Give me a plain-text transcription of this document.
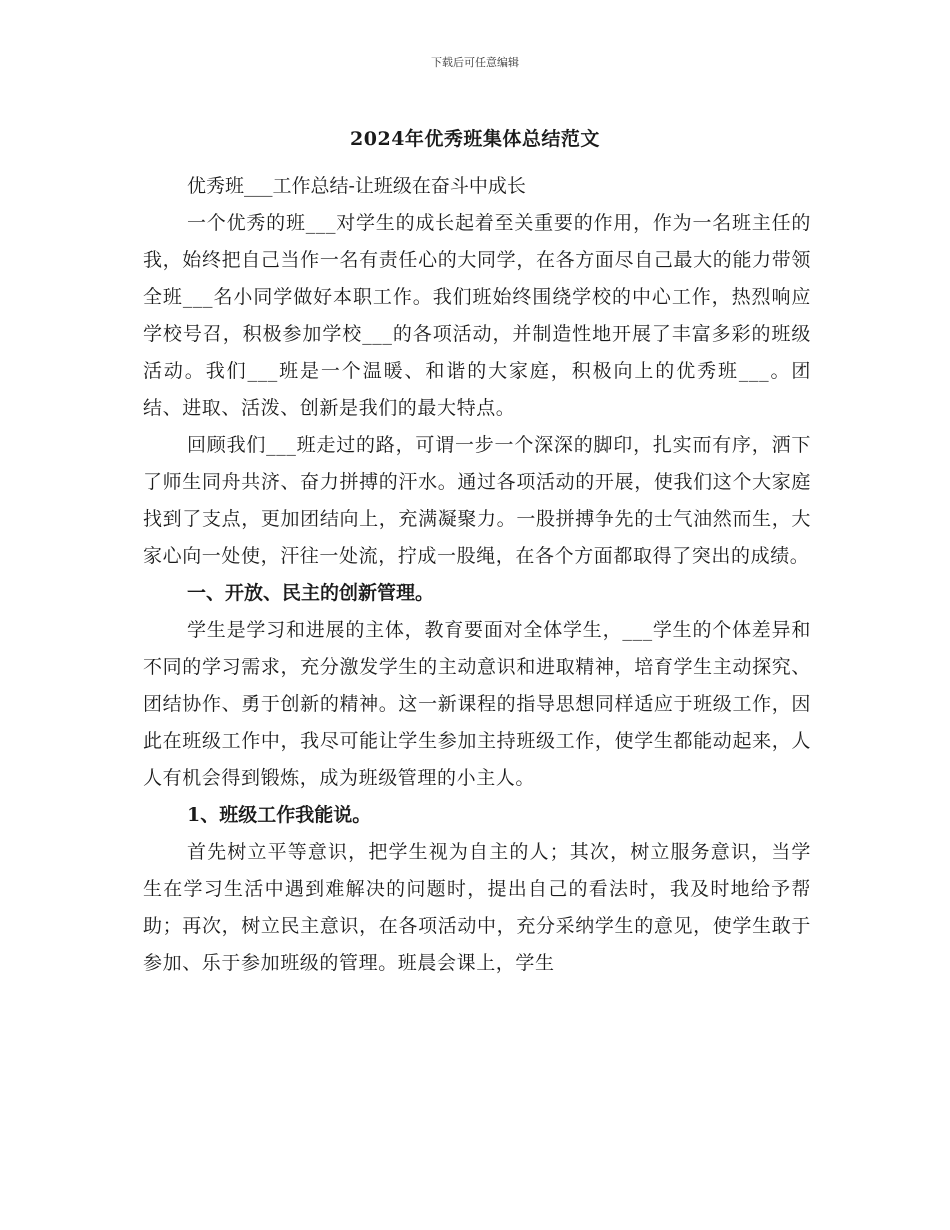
下载后可任意编辑
2024年优秀班集体总结范文

优秀班___工作总结-让班级在奋斗中成长

一个优秀的班___对学生的成长起着至关重要的作用，作为一名班主任的我，始终把自己当作一名有责任心的大同学，在各方面尽自己最大的能力带领全班___名小同学做好本职工作。我们班始终围绕学校的中心工作，热烈响应学校号召，积极参加学校___的各项活动，并制造性地开展了丰富多彩的班级活动。我们___班是一个温暖、和谐的大家庭，积极向上的优秀班___。团结、进取、活泼、创新是我们的最大特点。

回顾我们___班走过的路，可谓一步一个深深的脚印，扎实而有序，洒下了师生同舟共济、奋力拼搏的汗水。通过各项活动的开展，使我们这个大家庭找到了支点，更加团结向上，充满凝聚力。一股拼搏争先的士气油然而生，大家心向一处使，汗往一处流，拧成一股绳，在各个方面都取得了突出的成绩。

一、开放、民主的创新管理。

学生是学习和进展的主体，教育要面对全体学生，___学生的个体差异和不同的学习需求，充分激发学生的主动意识和进取精神，培育学生主动探究、团结协作、勇于创新的精神。这一新课程的指导思想同样适应于班级工作，因此在班级工作中，我尽可能让学生参加主持班级工作，使学生都能动起来，人人有机会得到锻炼，成为班级管理的小主人。

1、班级工作我能说。

首先树立平等意识，把学生视为自主的人；其次，树立服务意识，当学生在学习生活中遇到难解决的问题时，提出自己的看法时，我及时地给予帮助；再次，树立民主意识，在各项活动中，充分采纳学生的意见，使学生敢于参加、乐于参加班级的管理。班晨会课上，学生
